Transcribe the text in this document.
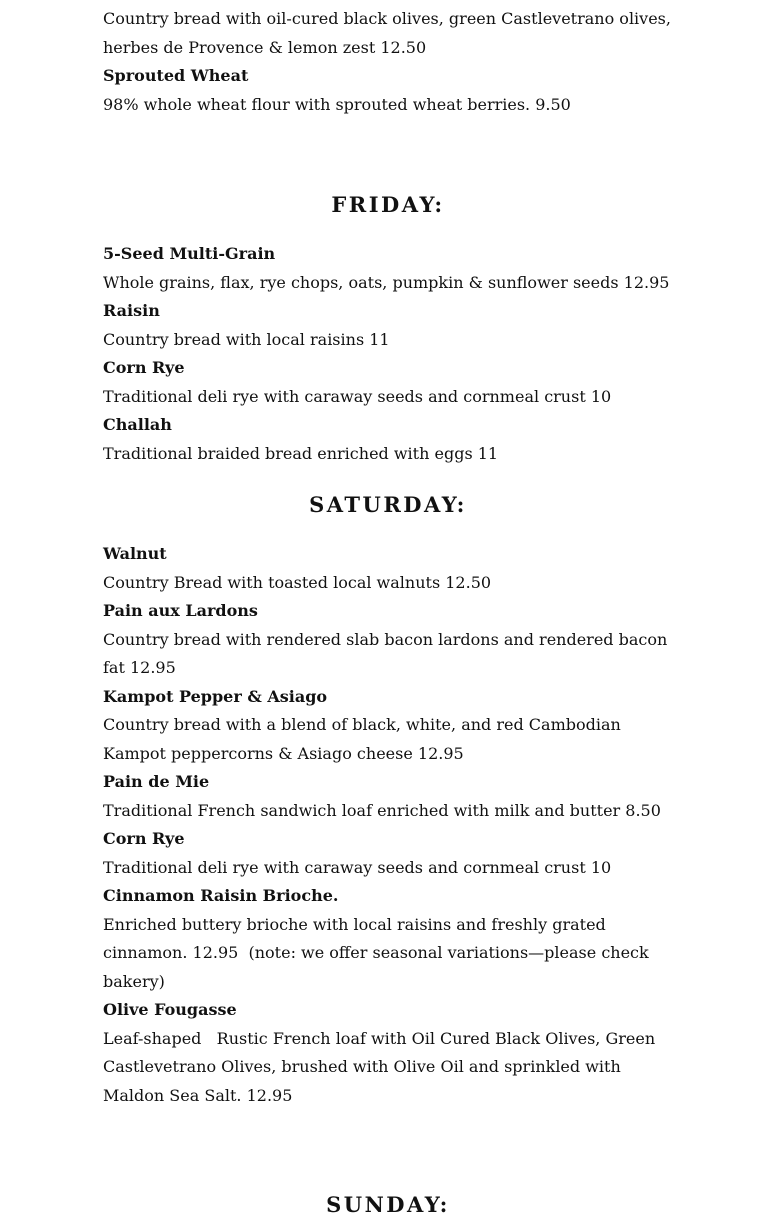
Country bread with oil-cured black olives, green Castlevetrano olives, herbes de Provence & lemon zest 12.50

Sprouted Wheat

98% whole wheat flour with sprouted wheat berries. 9.50

FRIDAY:

5-Seed Multi-Grain

Whole grains, flax, rye chops, oats, pumpkin & sunflower seeds 12.95

Raisin

Country bread with local raisins 11

Corn Rye

Traditional deli rye with caraway seeds and cornmeal crust 10

Challah

Traditional braided bread enriched with eggs 11

SATURDAY:

Walnut

Country Bread with toasted local walnuts 12.50

Pain aux Lardons

Country bread with rendered slab bacon lardons and rendered bacon fat 12.95

Kampot Pepper & Asiago

Country bread with a blend of black, white, and red Cambodian Kampot peppercorns & Asiago cheese 12.95

Pain de Mie

Traditional French sandwich loaf enriched with milk and butter 8.50

Corn Rye

Traditional deli rye with caraway seeds and cornmeal crust 10

Cinnamon Raisin Brioche.

Enriched buttery brioche with local raisins and freshly grated cinnamon. 12.95  (note: we offer seasonal variations—please check bakery)

Olive Fougasse

Leaf-shaped   Rustic French loaf with Oil Cured Black Olives, Green Castlevetrano Olives, brushed with Olive Oil and sprinkled with Maldon Sea Salt. 12.95

SUNDAY:
